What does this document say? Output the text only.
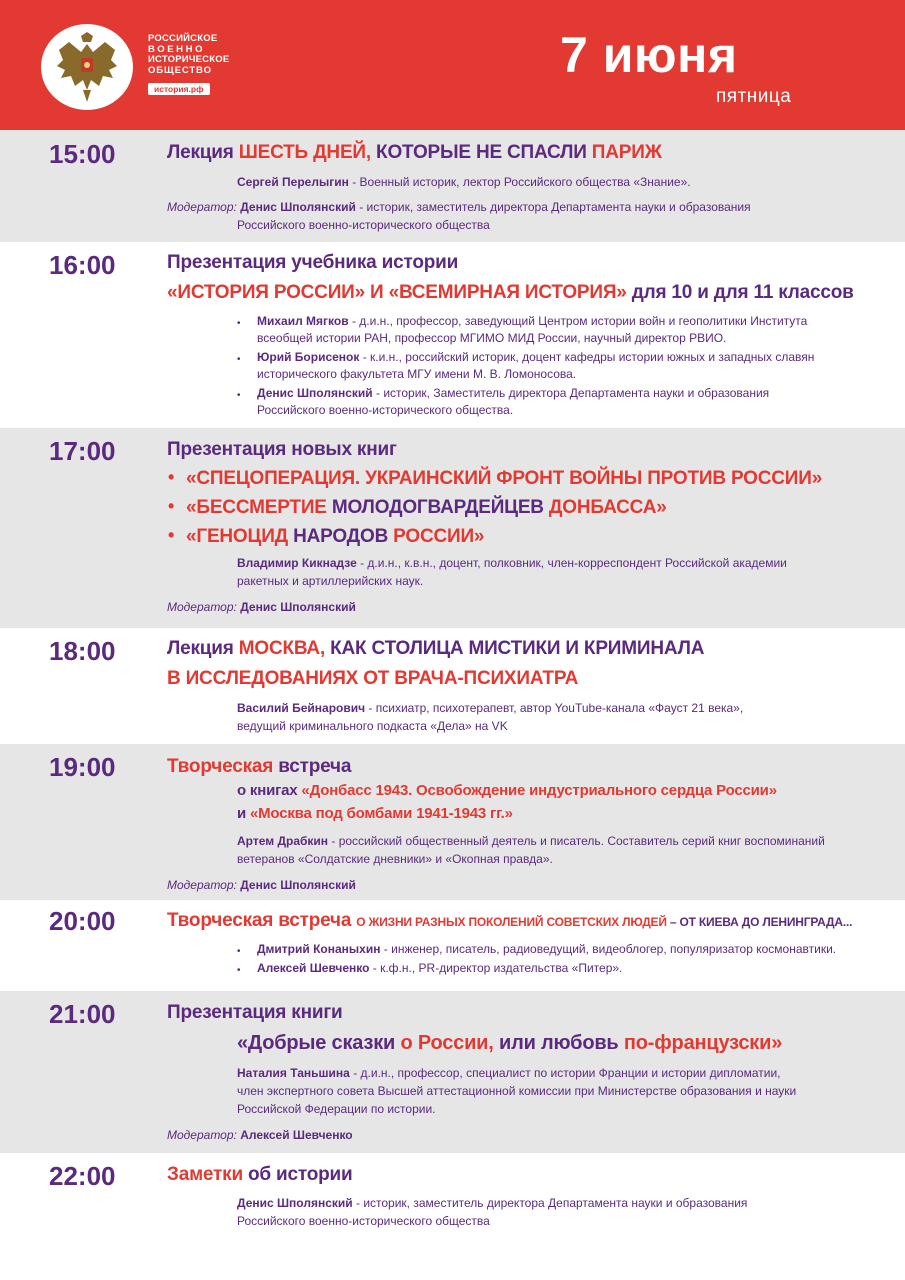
РОССИЙСКОЕ
ВОЕННО
ИСТОРИЧЕСКОЕ
ОБЩЕСТВО
история.рф
7 июня
пятница
15:00	Лекция ШЕСТЬ ДНЕЙ, КОТОРЫЕ НЕ СПАСЛИ ПАРИЖ
Сергей Перелыгин - Военный историк, лектор Российского общества «Знание».
Модератор: Денис Шполянский - историк, заместитель директора Департамента науки и образования
Российского военно-исторического общества
16:00	Презентация учебника истории
«ИСТОРИЯ РОССИИ» И «ВСЕМИРНАЯ ИСТОРИЯ» для 10 и для 11 классов
• Михаил Мягков - д.и.н., профессор, заведующий Центром истории войн и геополитики Института
всеобщей истории РАН, профессор МГИМО МИД России, научный директор РВИО.
• Юрий Борисенок - к.и.н., российский историк, доцент кафедры истории южных и западных славян
исторического факультета МГУ имени М. В. Ломоносова.
• Денис Шполянский - историк, Заместитель директора Департамента науки и образования
Российского военно-исторического общества.
17:00	Презентация новых книг
• «СПЕЦОПЕРАЦИЯ. УКРАИНСКИЙ ФРОНТ ВОЙНЫ ПРОТИВ РОССИИ»
• «БЕССМЕРТИЕ МОЛОДОГВАРДЕЙЦЕВ ДОНБАССА»
• «ГЕНОЦИД НАРОДОВ РОССИИ»
Владимир Кикнадзе - д.и.н., к.в.н., доцент, полковник, член-корреспондент Российской академии
ракетных и артиллерийских наук.
Модератор: Денис Шполянский
18:00	Лекция МОСКВА, КАК СТОЛИЦА МИСТИКИ И КРИМИНАЛА
В ИССЛЕДОВАНИЯХ ОТ ВРАЧА-ПСИХИАТРА
Василий Бейнарович - психиатр, психотерапевт, автор YouTube-канала «Фауст 21 века»,
ведущий криминального подкаста «Дела» на VK
19:00	Творческая встреча
о книгах «Донбасс 1943. Освобождение индустриального сердца России»
и «Москва под бомбами 1941-1943 гг.»
Артем Драбкин - российский общественный деятель и писатель. Составитель серий книг воспоминаний
ветеранов «Солдатские дневники» и «Окопная правда».
Модератор: Денис Шполянский
20:00	Творческая встреча О ЖИЗНИ РАЗНЫХ ПОКОЛЕНИЙ СОВЕТСКИХ ЛЮДЕЙ – ОТ КИЕВА ДО ЛЕНИНГРАДА...
• Дмитрий Конаныхин - инженер, писатель, радиоведущий, видеоблогер, популяризатор космонавтики.
• Алексей Шевченко - к.ф.н., PR-директор издательства «Питер».
21:00	Презентация книги
«Добрые сказки о России, или любовь по-французски»
Наталия Таньшина - д.и.н., профессор, специалист по истории Франции и истории дипломатии,
член экспертного совета Высшей аттестационной комиссии при Министерстве образования и науки
Российской Федерации по истории.
Модератор: Алексей Шевченко
22:00	Заметки об истории
Денис Шполянский - историк, заместитель директора Департамента науки и образования
Российского военно-исторического общества
